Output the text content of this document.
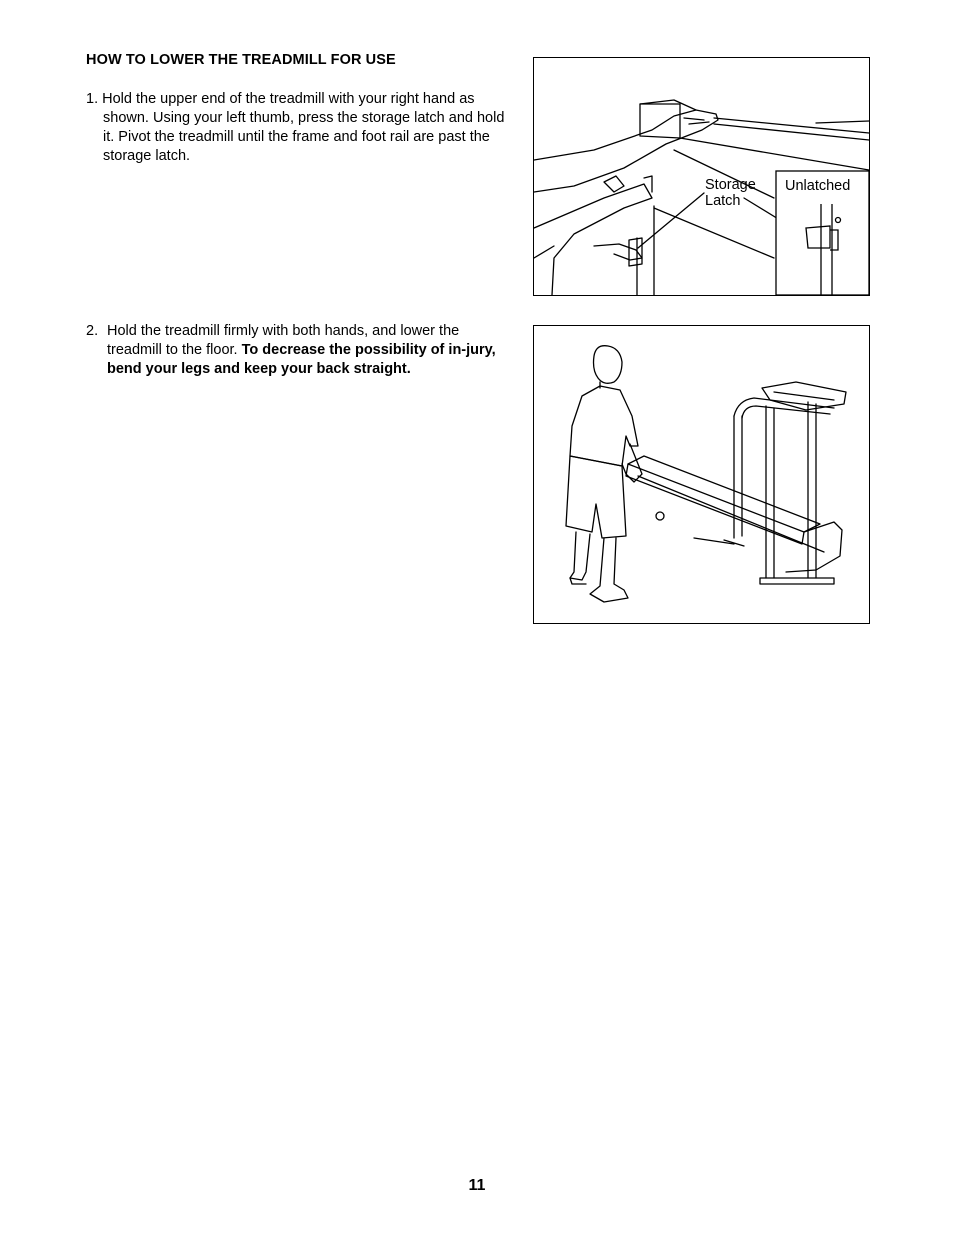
HOW TO LOWER THE TREADMILL FOR USE
1. Hold the upper end of the treadmill with your right hand as shown. Using your left thumb, press the storage latch and hold it. Pivot the treadmill until the frame and foot rail are past the storage latch.
2. Hold the treadmill firmly with both hands, and lower the treadmill to the floor. To decrease the possibility of in-jury, bend your legs and keep your back straight.
Storage
Latch
Unlatched
11
